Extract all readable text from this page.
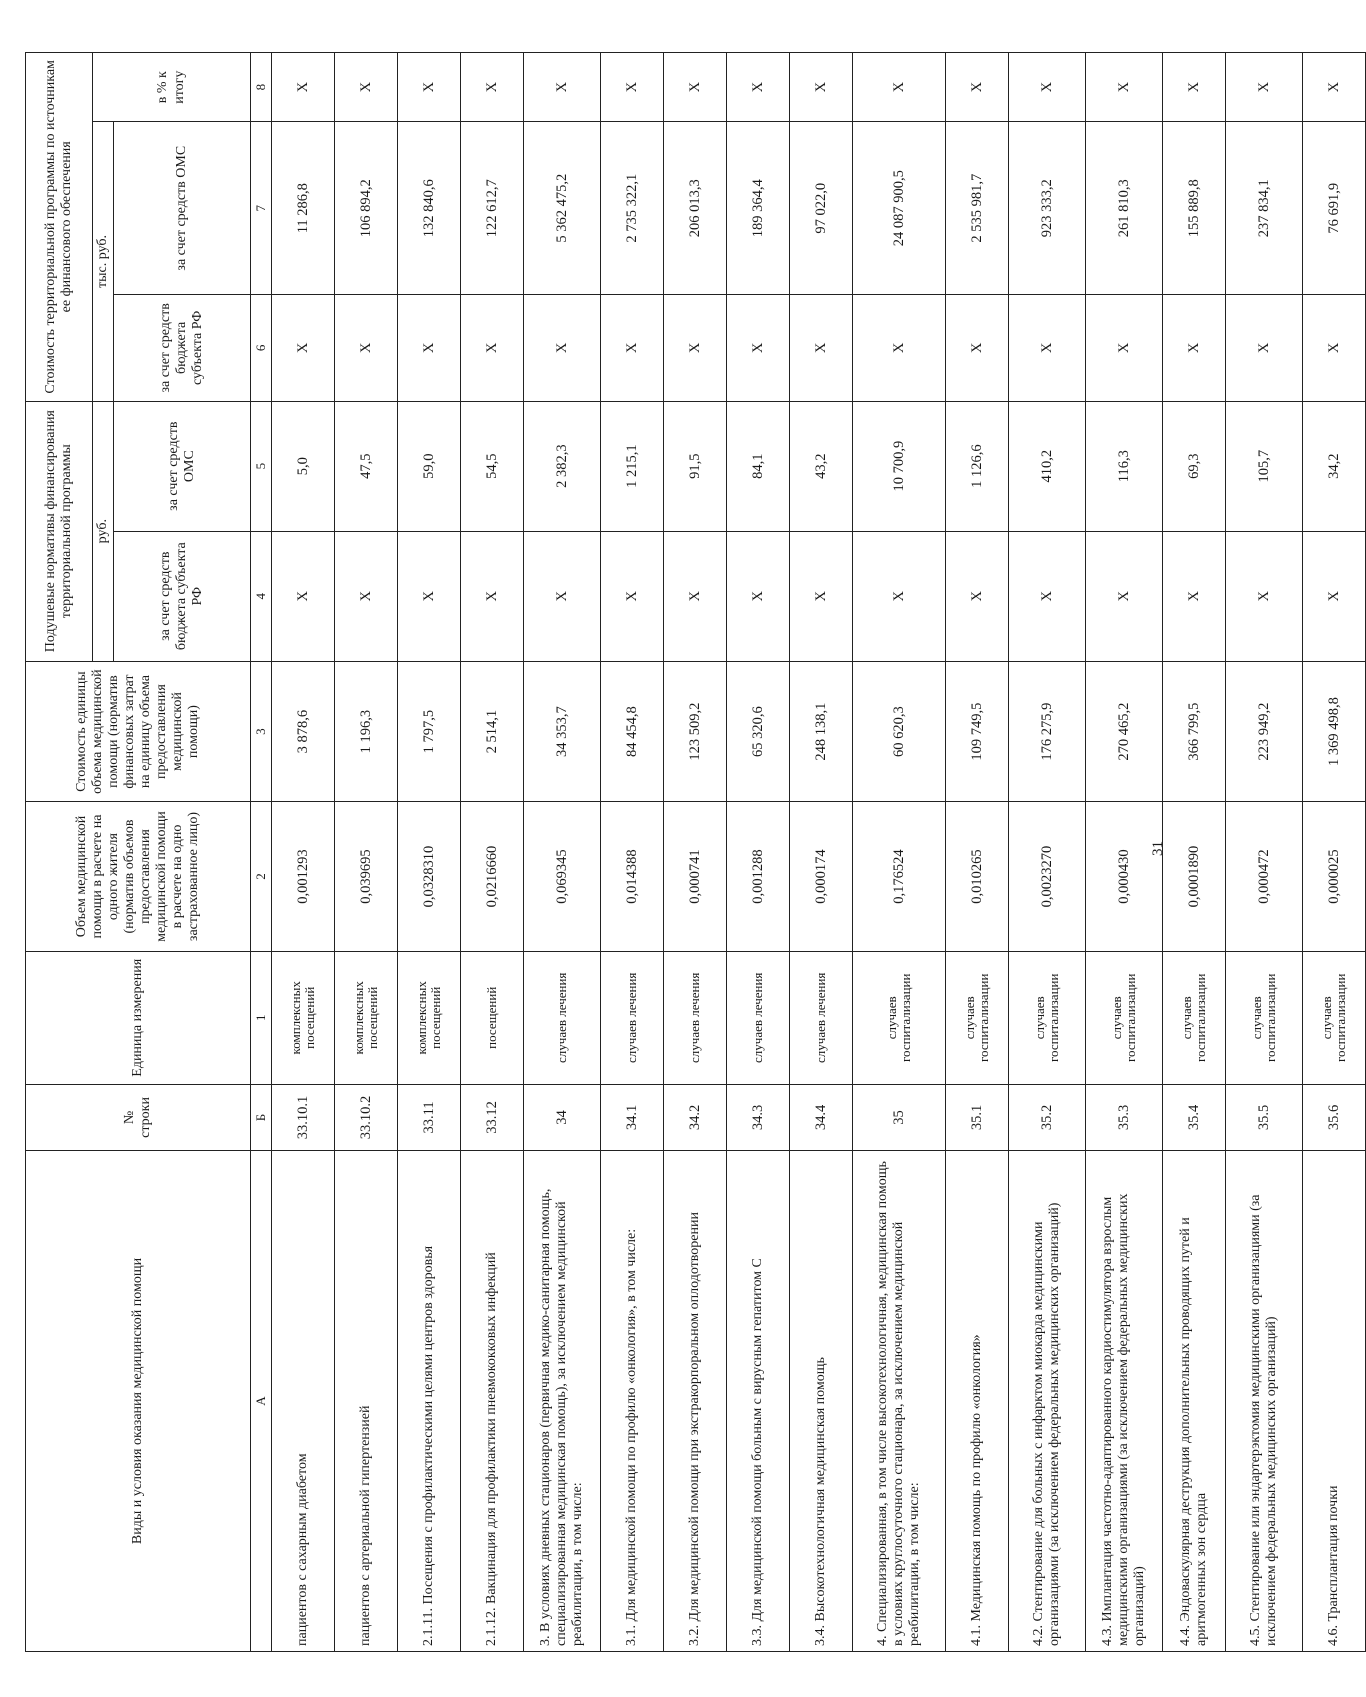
31
Виды и условия оказания медицинской помощи	№ строки	Единица измерения	Объем медицинской помощи в расчете на одного жителя (норматив объемов предоставления медицинской помощи в расчете на одно застрахованное лицо)	Стоимость единицы объема медицинской помощи (норматив финансовых затрат на единицу объема предоставления медицинской помощи)	Подушевые нормативы финансирования территориальной программы		Стоимость территориальной программы по источникам ее финансового обеспечения		
					руб.		тыс. руб.		в % к итогу
					за счет средств бюджета субъекта РФ	за счет средств ОМС	за счет средств бюджета субъекта РФ	за счет средств ОМС	
А	Б	1	2	3	4	5	6	7	8
пациентов с сахарным диабетом	33.10.1	комплексных посещений	0,001293	3 878,6	Х	5,0	Х	11 286,8	Х
пациентов с артериальной гипертензией	33.10.2	комплексных посещений	0,039695	1 196,3	Х	47,5	Х	106 894,2	Х
2.1.11. Посещения с профилактическими целями центров здоровья	33.11	комплексных посещений	0,0328310	1 797,5	Х	59,0	Х	132 840,6	Х
2.1.12. Вакцинация для профилактики пневмококковых инфекций	33.12	посещений	0,0216660	2 514,1	Х	54,5	Х	122 612,7	Х
3. В условиях дневных стационаров (первичная медико-санитарная помощь, специализированная медицинская помощь), за исключением медицинской реабилитации, в том числе:	34	случаев лечения	0,069345	34 353,7	Х	2 382,3	Х	5 362 475,2	Х
3.1. Для медицинской помощи по профилю «онкология», в том числе:	34.1	случаев лечения	0,014388	84 454,8	Х	1 215,1	Х	2 735 322,1	Х
3.2. Для медицинской помощи при экстракорпоральном оплодотворении	34.2	случаев лечения	0,000741	123 509,2	Х	91,5	Х	206 013,3	Х
3.3. Для медицинской помощи больным с вирусным гепатитом С	34.3	случаев лечения	0,001288	65 320,6	Х	84,1	Х	189 364,4	Х
3.4. Высокотехнологичная медицинская помощь	34.4	случаев лечения	0,000174	248 138,1	Х	43,2	Х	97 022,0	Х
4. Специализированная, в том числе высокотехнологичная, медицинская помощь в условиях круглосуточного стационара, за исключением медицинской реабилитации, в том числе:	35	случаев госпитализации	0,176524	60 620,3	Х	10 700,9	Х	24 087 900,5	Х
4.1. Медицинская помощь по профилю «онкология»	35.1	случаев госпитализации	0,010265	109 749,5	Х	1 126,6	Х	2 535 981,7	Х
4.2. Стентирование для больных с инфарктом миокарда медицинскими организациями (за исключением федеральных медицинских организаций)	35.2	случаев госпитализации	0,0023270	176 275,9	Х	410,2	Х	923 333,2	Х
4.3. Имплантация частотно-адаптированного кардиостимулятора взрослым медицинскими организациями (за исключением федеральных медицинских организаций)	35.3	случаев госпитализации	0,000430	270 465,2	Х	116,3	Х	261 810,3	Х
4.4. Эндоваскулярная деструкция дополнительных проводящих путей и аритмогенных зон сердца	35.4	случаев госпитализации	0,0001890	366 799,5	Х	69,3	Х	155 889,8	Х
4.5. Стентирование или эндартерэктомия медицинскими организациями (за исключением федеральных медицинских организаций)	35.5	случаев госпитализации	0,000472	223 949,2	Х	105,7	Х	237 834,1	Х
4.6. Трансплантация почки	35.6	случаев госпитализации	0,000025	1 369 498,8	Х	34,2	Х	76 691,9	Х
